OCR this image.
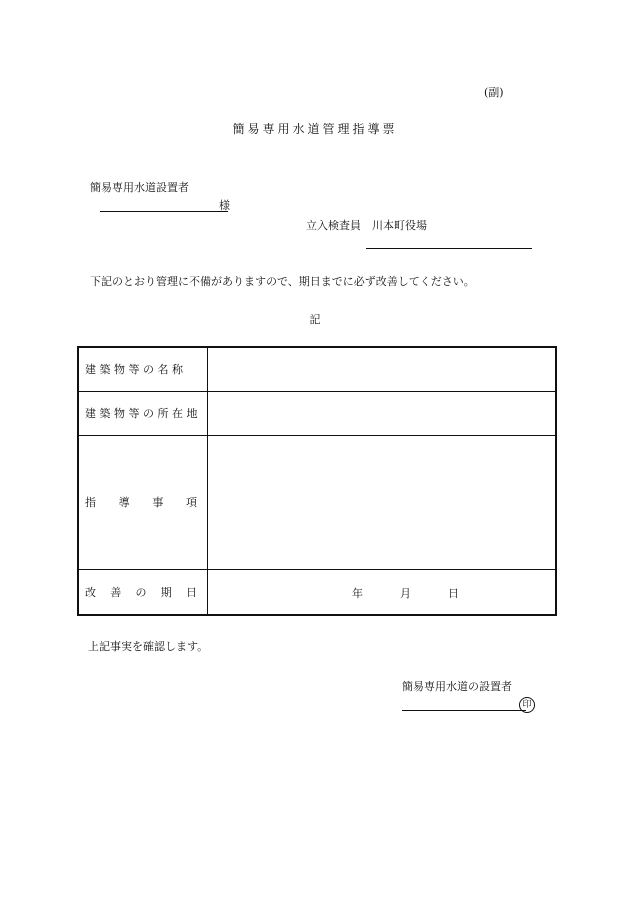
(副)
簡易専用水道管理指導票
簡易専用水道設置者
様
立入検査員　川本町役場
下記のとおり管理に不備がありますので、期日までに必ず改善してください。
記
建築物等の名称	
建築物等の所在地	

指 導 事 項	

改 善 の 期 日	年 月 日
上記事実を確認します。
簡易専用水道の設置者
印
